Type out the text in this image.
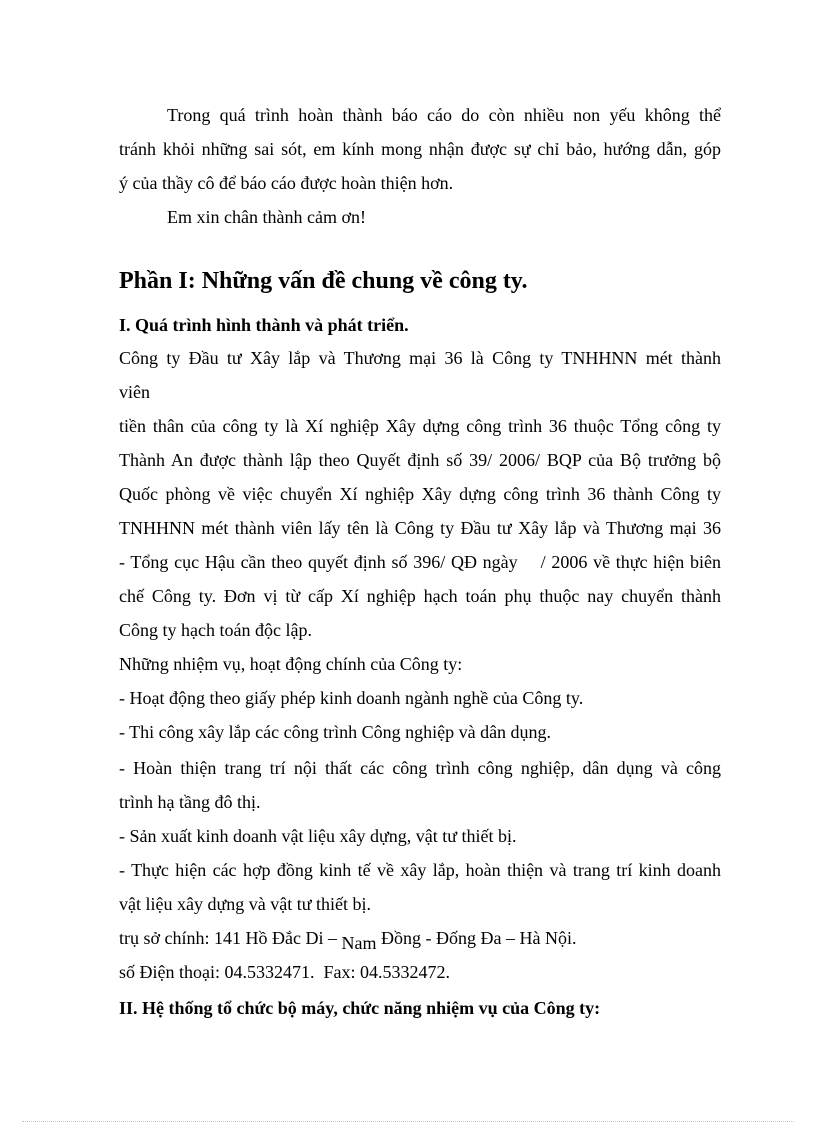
Trong quá trình hoàn thành báo cáo do còn nhiều non yếu không thể
tránh khỏi những sai sót, em kính mong nhận được sự chỉ bảo, hướng dẫn, góp
ý của thầy cô để báo cáo được hoàn thiện hơn.
Em xin chân thành cảm ơn!
Phần I: Những vấn đề chung về công ty.
I. Quá trình hình thành và phát triển.
Công ty Đầu tư Xây lắp và Thương mại 36 là Công ty TNHHNN mét thành
viên
tiền thân của công ty là Xí nghiệp Xây dựng công trình 36 thuộc Tổng công ty
Thành An được thành lập theo Quyết định số 39/ 2006/ BQP của Bộ trưởng bộ
Quốc phòng về việc chuyển Xí nghiệp Xây dựng công trình 36 thành Công ty
TNHHNN mét thành viên lấy tên là Công ty Đầu tư Xây lắp và Thương mại 36
- Tổng cục Hậu cần theo quyết định số 396/ QĐ ngày    / 2006 về thực hiện biên
chế Công ty. Đơn vị từ cấp Xí nghiệp hạch toán phụ thuộc nay chuyển thành
Công ty hạch toán độc lập.
Những nhiệm vụ, hoạt động chính của Công ty:
- Hoạt động theo giấy phép kinh doanh ngành nghề của Công ty.
- Thi công xây lắp các công trình Công nghiệp và dân dụng.
- Hoàn thiện trang trí nội thất các công trình công nghiệp, dân dụng và công
trình hạ tầng đô thị.
- Sản xuất kinh doanh vật liệu xây dựng, vật tư thiết bị.
- Thực hiện các hợp đồng kinh tế về xây lắp, hoàn thiện và trang trí kinh doanh
vật liệu xây dựng và vật tư thiết bị.
trụ sở chính: 141 Hồ Đắc Di – Nam Đồng - Đống Đa – Hà Nội.
số Điện thoại: 04.5332471.  Fax: 04.5332472.
II. Hệ thống tổ chức bộ máy, chức năng nhiệm vụ của Công ty:
